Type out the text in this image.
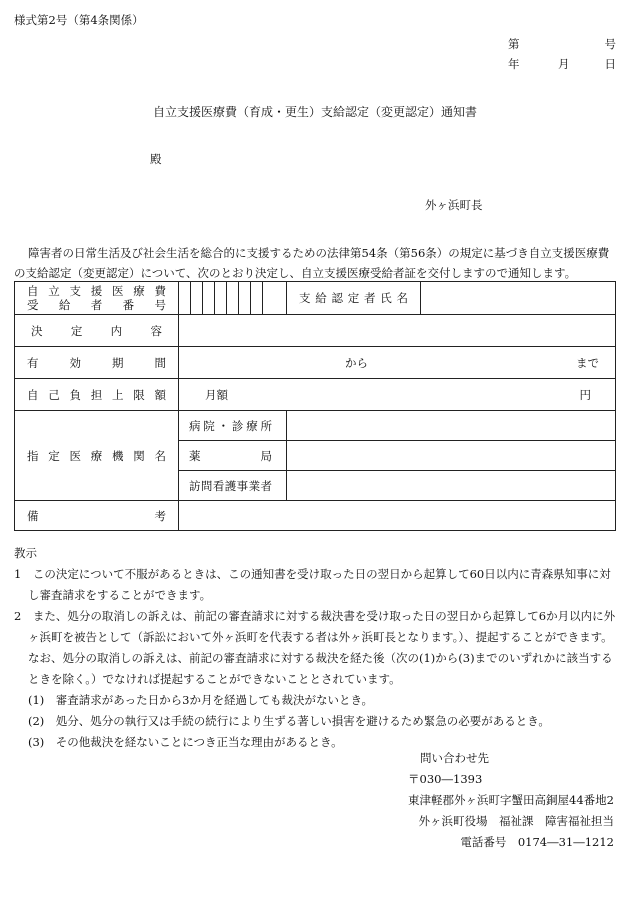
様式第2号（第4条関係）
第	号
年	月	日
自立支援医療費（育成・更生）支給認定（変更認定）通知書
殿
外ヶ浜町長
障害者の日常生活及び社会生活を総合的に支援するための法律第54条（第56条）の規定に基づき自立支援医療費の支給認定（変更認定）について、次のとおり決定し、自立支援医療受給者証を交付しますので通知します。
自立支援医療費
受給者番号									支給認定者氏名	
決定内容										
有効期間	から まで									

自己負担上限額	月額 円									

指定医療機関名	病院・診療所									
	薬局									
	訪問看護事業者									
備考										
教示
1　この決定について不服があるときは、この通知書を受け取った日の翌日から起算して60日以内に青森県知事に対し審査請求をすることができます。
2　また、処分の取消しの訴えは、前記の審査請求に対する裁決書を受け取った日の翌日から起算して6か月以内に外ヶ浜町を被告として（訴訟において外ヶ浜町を代表する者は外ヶ浜町長となります。）、提起することができます。
なお、処分の取消しの訴えは、前記の審査請求に対する裁決を経た後（次の(1)から(3)までのいずれかに該当するときを除く。）でなければ提起することができないこととされています。
(1)　審査請求があった日から3か月を経過しても裁決がないとき。
(2)　処分、処分の執行又は手続の続行により生ずる著しい損害を避けるため緊急の必要があるとき。
(3)　その他裁決を経ないことにつき正当な理由があるとき。
問い合わせ先
〒030―1393
東津軽郡外ヶ浜町字蟹田高銅屋44番地2
外ヶ浜町役場　福祉課　障害福祉担当
電話番号　0174―31―1212
